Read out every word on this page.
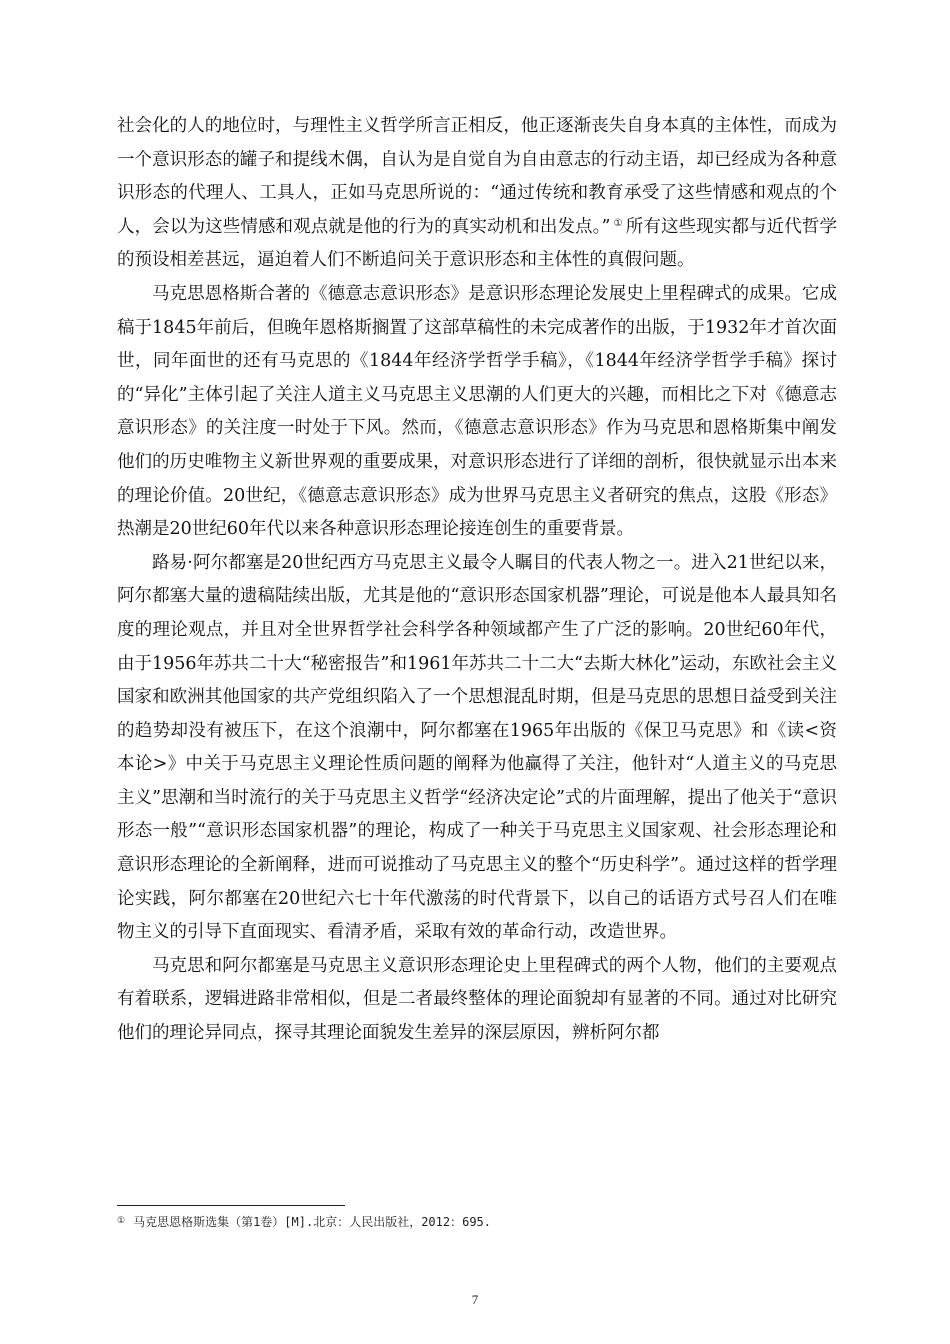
社会化的人的地位时，与理性主义哲学所言正相反，他正逐渐丧失自身本真的主体性，而成为一个意识形态的罐子和提线木偶，自认为是自觉自为自由意志的行动主语，却已经成为各种意识形态的代理人、工具人，正如马克思所说的：“通过传统和教育承受了这些情感和观点的个人，会以为这些情感和观点就是他的行为的真实动机和出发点。” ① 所有这些现实都与近代哲学的预设相差甚远，逼迫着人们不断追问关于意识形态和主体性的真假问题。

马克思恩格斯合著的《德意志意识形态》是意识形态理论发展史上里程碑式的成果。它成稿于1845年前后，但晚年恩格斯搁置了这部草稿性的未完成著作的出版，于1932年才首次面世，同年面世的还有马克思的《1844年经济学哲学手稿》，《1844年经济学哲学手稿》探讨的“异化”主体引起了关注人道主义马克思主义思潮的人们更大的兴趣，而相比之下对《德意志意识形态》的关注度一时处于下风。然而，《德意志意识形态》作为马克思和恩格斯集中阐发他们的历史唯物主义新世界观的重要成果，对意识形态进行了详细的剖析，很快就显示出本来的理论价值。20世纪，《德意志意识形态》成为世界马克思主义者研究的焦点，这股《形态》热潮是20世纪60年代以来各种意识形态理论接连创生的重要背景。

路易·阿尔都塞是20世纪西方马克思主义最令人瞩目的代表人物之一。进入21世纪以来，阿尔都塞大量的遗稿陆续出版，尤其是他的“意识形态国家机器”理论，可说是他本人最具知名度的理论观点，并且对全世界哲学社会科学各种领域都产生了广泛的影响。20世纪60年代，由于1956年苏共二十大“秘密报告”和1961年苏共二十二大“去斯大林化”运动，东欧社会主义国家和欧洲其他国家的共产党组织陷入了一个思想混乱时期，但是马克思的思想日益受到关注的趋势却没有被压下，在这个浪潮中，阿尔都塞在1965年出版的《保卫马克思》和《读<资本论>》中关于马克思主义理论性质问题的阐释为他赢得了关注，他针对“人道主义的马克思主义”思潮和当时流行的关于马克思主义哲学“经济决定论”式的片面理解，提出了他关于“意识形态一般”“意识形态国家机器”的理论，构成了一种关于马克思主义国家观、社会形态理论和意识形态理论的全新阐释，进而可说推动了马克思主义的整个“历史科学”。通过这样的哲学理论实践，阿尔都塞在20世纪六七十年代激荡的时代背景下，以自己的话语方式号召人们在唯物主义的引导下直面现实、看清矛盾，采取有效的革命行动，改造世界。

马克思和阿尔都塞是马克思主义意识形态理论史上里程碑式的两个人物，他们的主要观点有着联系，逻辑进路非常相似，但是二者最终整体的理论面貌却有显著的不同。通过对比研究他们的理论异同点，探寻其理论面貌发生差异的深层原因，辨析阿尔都

① 马克思恩格斯选集（第1卷）[M].北京：人民出版社，2012：695.
7
